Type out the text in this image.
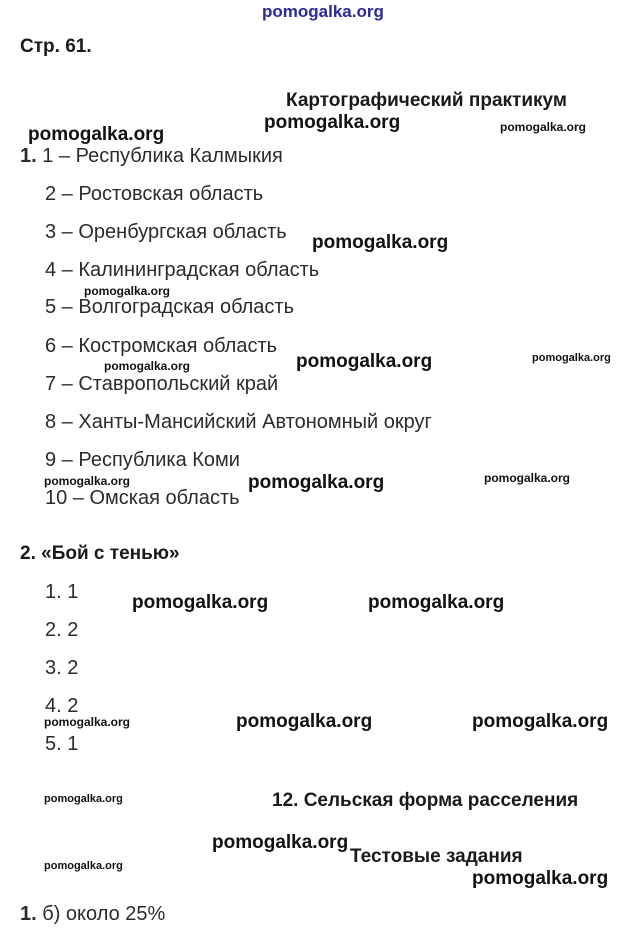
pomogalka.org
Стр. 61.
Картографический практикум
pomogalka.org
pomogalka.org	pomogalka.org
1. 1 – Республика Калмыкия
2 – Ростовская область
3 – Оренбургская область
4 – Калининградская область
5 – Волгоградская область
6 – Костромская область
7 – Ставропольский край
8 – Ханты-Мансийский Автономный округ
9 – Республика Коми
10 – Омская область
pomogalka.org
pomogalka.org
pomogalka.org	pomogalka.org	pomogalka.org
pomogalka.org	pomogalka.org	pomogalka.org
2. «Бой с тенью»
1. 1
2. 2
3. 2
4. 2
5. 1
pomogalka.org	pomogalka.org
pomogalka.org	pomogalka.org	pomogalka.org
pomogalka.org	12. Сельская форма расселения
pomogalka.org
Тестовые задания
pomogalka.org
pomogalka.org
1. б) около 25%
